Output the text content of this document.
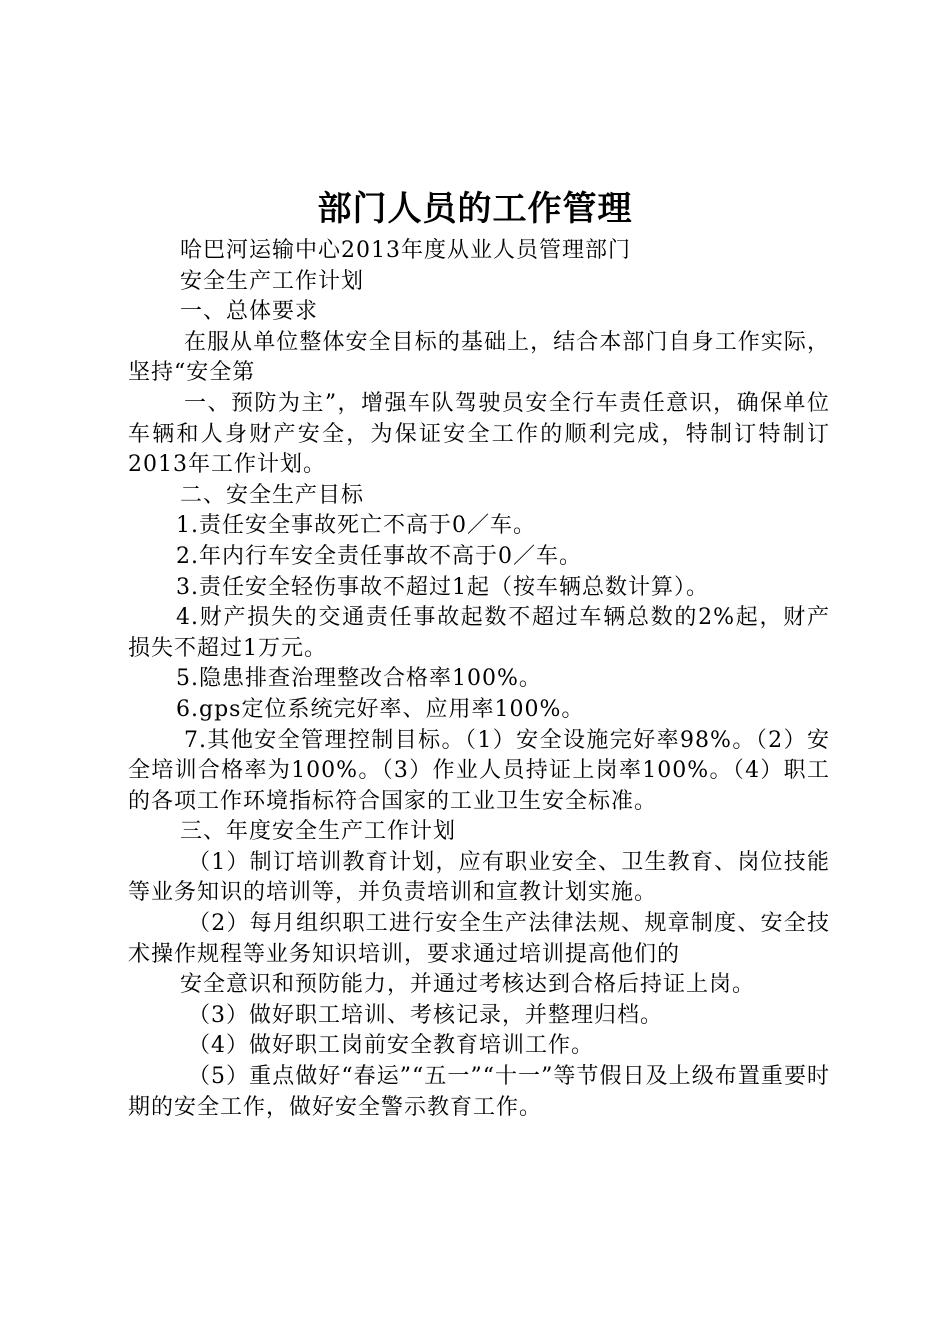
部门人员的工作管理

哈巴河运输中心2013年度从业人员管理部门

安全生产工作计划

一、总体要求

在服从单位整体安全目标的基础上，结合本部门自身工作实际，坚持“安全第

一、预防为主”，增强车队驾驶员安全行车责任意识，确保单位车辆和人身财产安全，为保证安全工作的顺利完成，特制订特制订2013年工作计划。

二、安全生产目标

1.责任安全事故死亡不高于0／车。

2.年内行车安全责任事故不高于0／车。

3.责任安全轻伤事故不超过1起（按车辆总数计算）。

4.财产损失的交通责任事故起数不超过车辆总数的2%起，财产损失不超过1万元。

5.隐患排查治理整改合格率100%。

6.gps定位系统完好率、应用率100%。

7.其他安全管理控制目标。（1）安全设施完好率98%。（2）安全培训合格率为100%。（3）作业人员持证上岗率100%。（4）职工的各项工作环境指标符合国家的工业卫生安全标准。

三、年度安全生产工作计划

（1）制订培训教育计划，应有职业安全、卫生教育、岗位技能等业务知识的培训等，并负责培训和宣教计划实施。

（2）每月组织职工进行安全生产法律法规、规章制度、安全技术操作规程等业务知识培训，要求通过培训提高他们的

安全意识和预防能力，并通过考核达到合格后持证上岗。

（3）做好职工培训、考核记录，并整理归档。

（4）做好职工岗前安全教育培训工作。

（5）重点做好“春运”“五一”“十一”等节假日及上级布置重要时期的安全工作，做好安全警示教育工作。
